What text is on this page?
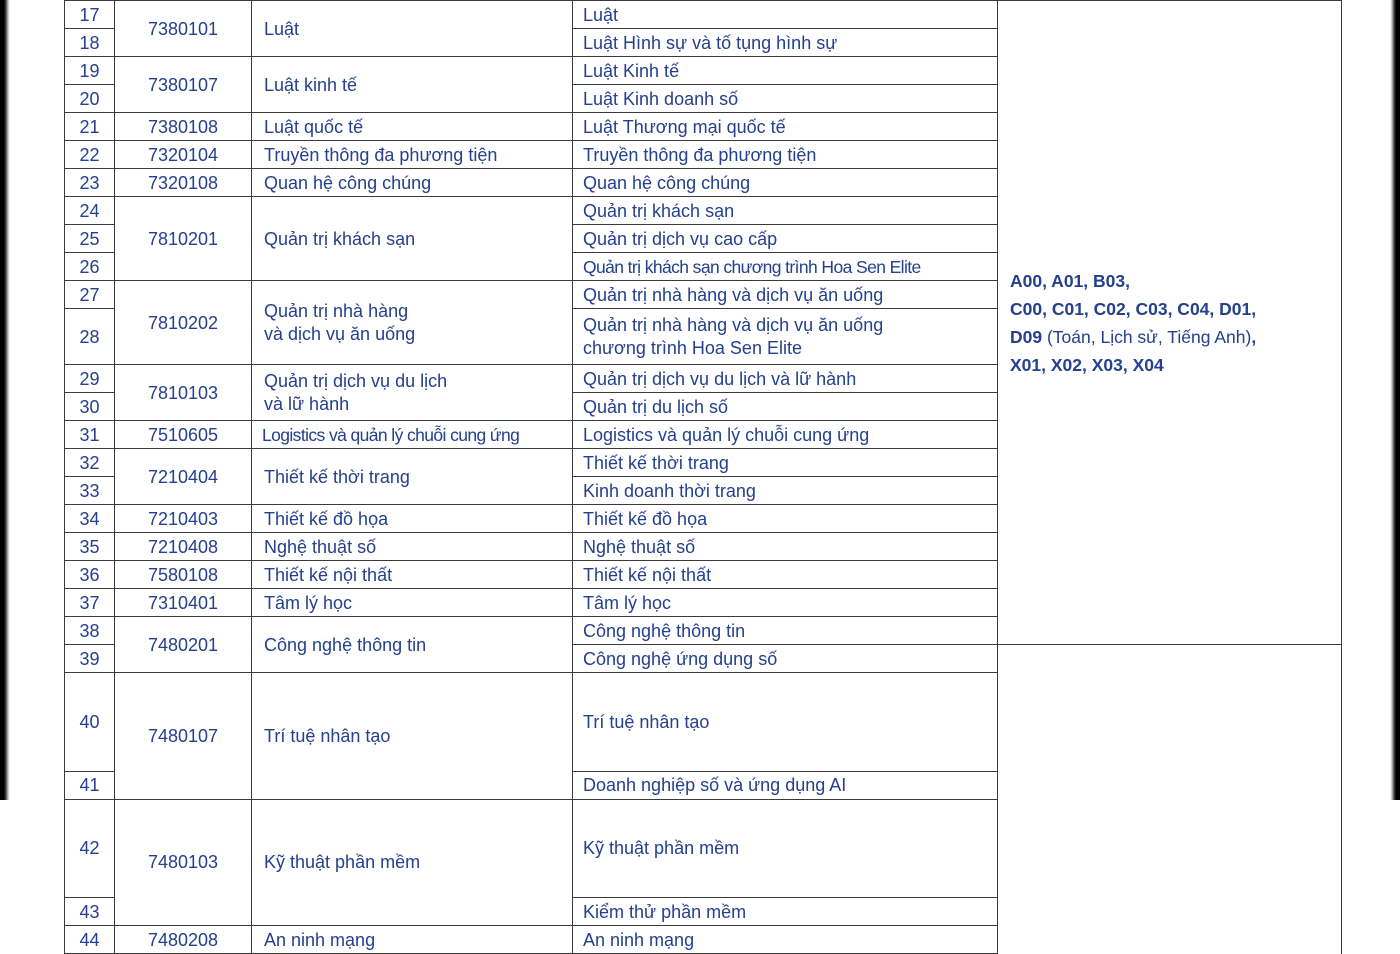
17	7380101	Luật	Luật	A00, A01, B03,
C00, C01, C02, C03, C04, D01,
D09 (Toán, Lịch sử, Tiếng Anh),
X01, X02, X03, X04	

18			Luật Hình sự và tố tụng hình sự		
19	7380107	Luật kinh tế	Luật Kinh tế		
20			Luật Kinh doanh số		
21	7380108	Luật quốc tế	Luật Thương mại quốc tế		
22	7320104	Truyền thông đa phương tiện	Truyền thông đa phương tiện		
23	7320108	Quan hệ công chúng	Quan hệ công chúng		
24	7810201	Quản trị khách sạn	Quản trị khách sạn		
25			Quản trị dịch vụ cao cấp		
26			Quản trị khách sạn chương trình Hoa Sen Elite		
27	7810202	Quản trị nhà hàng
và dịch vụ ăn uống	Quản trị nhà hàng và dịch vụ ăn uống		
28			Quản trị nhà hàng và dịch vụ ăn uống
chương trình Hoa Sen Elite		

29	7810103	Quản trị dịch vụ du lịch
và lữ hành	Quản trị dịch vụ du lịch và lữ hành		
30			Quản trị du lịch số		
31	7510605	Logistics và quản lý chuỗi cung ứng	Logistics và quản lý chuỗi cung ứng		
32	7210404	Thiết kế thời trang	Thiết kế thời trang		
33			Kinh doanh thời trang		
34	7210403	Thiết kế đồ họa	Thiết kế đồ họa		
35	7210408	Nghệ thuật số	Nghệ thuật số		
36	7580108	Thiết kế nội thất	Thiết kế nội thất		
37	7310401	Tâm lý học	Tâm lý học		
38	7480201	Công nghệ thông tin	Công nghệ thông tin	

39			Công nghệ ứng dụng số		
40	7480107	Trí tuệ nhân tạo	Trí tuệ nhân tạo		
41			Doanh nghiệp số và ứng dụng AI		
42	7480103	Kỹ thuật phần mềm	Kỹ thuật phần mềm		
43			Kiểm thử phần mềm		
44	7480208	An ninh mạng	An ninh mạng		
